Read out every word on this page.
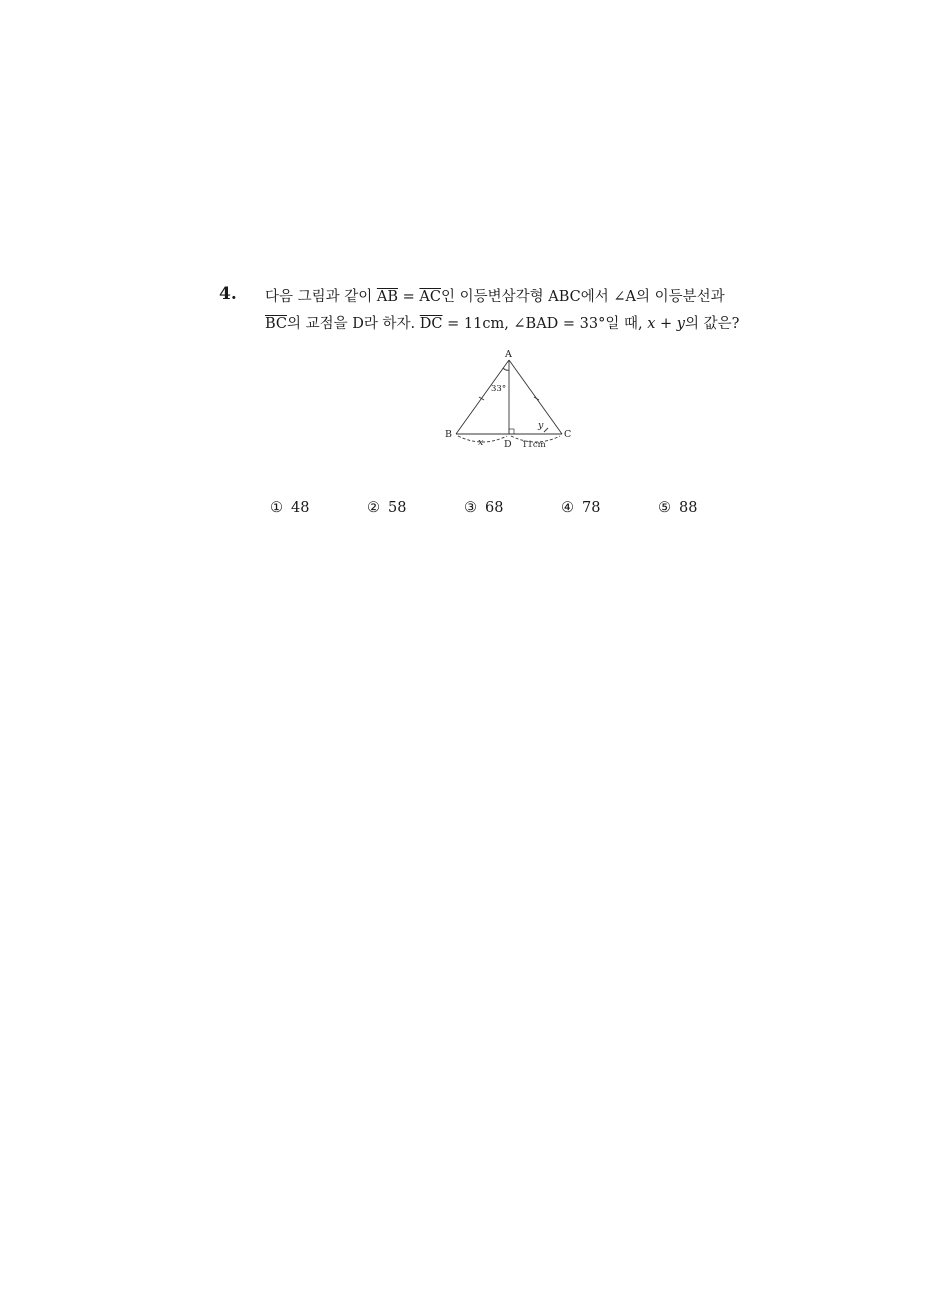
4. 다음 그림과 같이 $\overline{AB} = \overline{AC}$인 이등변삼각형 ABC에서 ∠A의 이등분선과
$\overline{BC}$의 교점을 D라 하자. $\overline{DC} = 11cm$, ∠BAD = 33°일 때, x + y의 값은?
A
B	C
D
33°
x
y
11cm
① 48	② 58	③ 68	④ 78	⑤ 88
